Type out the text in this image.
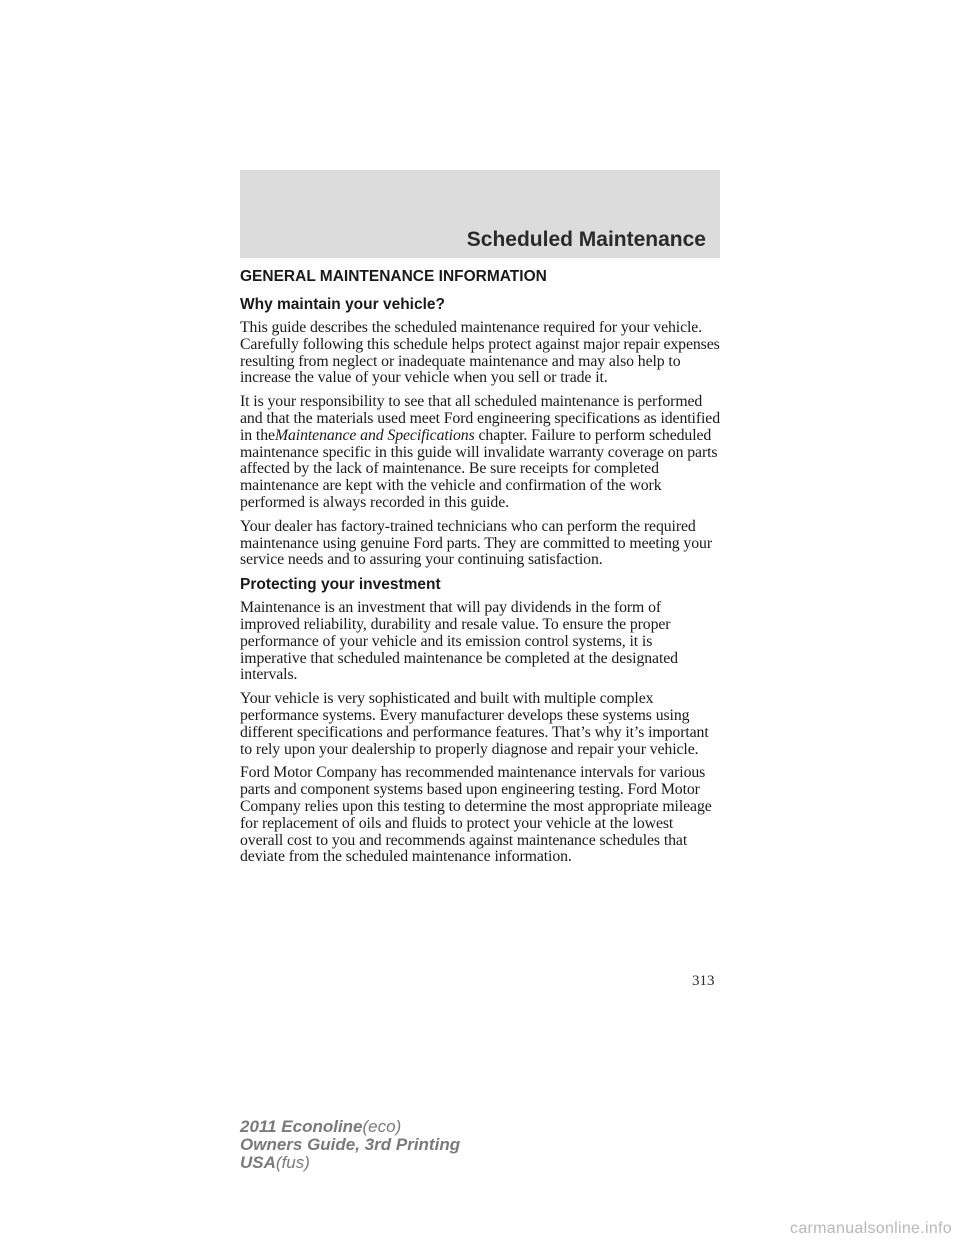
Scheduled Maintenance
GENERAL MAINTENANCE INFORMATION
Why maintain your vehicle?

This guide describes the scheduled maintenance required for your vehicle. Carefully following this schedule helps protect against major repair expenses resulting from neglect or inadequate maintenance and may also help to increase the value of your vehicle when you sell or trade it.

It is your responsibility to see that all scheduled maintenance is performed and that the materials used meet Ford engineering specifications as identified in theMaintenance and Specifications chapter. Failure to perform scheduled maintenance specific in this guide will invalidate warranty coverage on parts affected by the lack of maintenance. Be sure receipts for completed maintenance are kept with the vehicle and confirmation of the work performed is always recorded in this guide.

Your dealer has factory-trained technicians who can perform the required maintenance using genuine Ford parts. They are committed to meeting your service needs and to assuring your continuing satisfaction.

Protecting your investment

Maintenance is an investment that will pay dividends in the form of improved reliability, durability and resale value. To ensure the proper performance of your vehicle and its emission control systems, it is imperative that scheduled maintenance be completed at the designated intervals.

Your vehicle is very sophisticated and built with multiple complex performance systems. Every manufacturer develops these systems using different specifications and performance features. That’s why it’s important to rely upon your dealership to properly diagnose and repair your vehicle.

Ford Motor Company has recommended maintenance intervals for various parts and component systems based upon engineering testing. Ford Motor Company relies upon this testing to determine the most appropriate mileage for replacement of oils and fluids to protect your vehicle at the lowest overall cost to you and recommends against maintenance schedules that deviate from the scheduled maintenance information.

313
2011 Econoline(eco)
Owners Guide, 3rd Printing
USA(fus)
carmanualsonline.info
